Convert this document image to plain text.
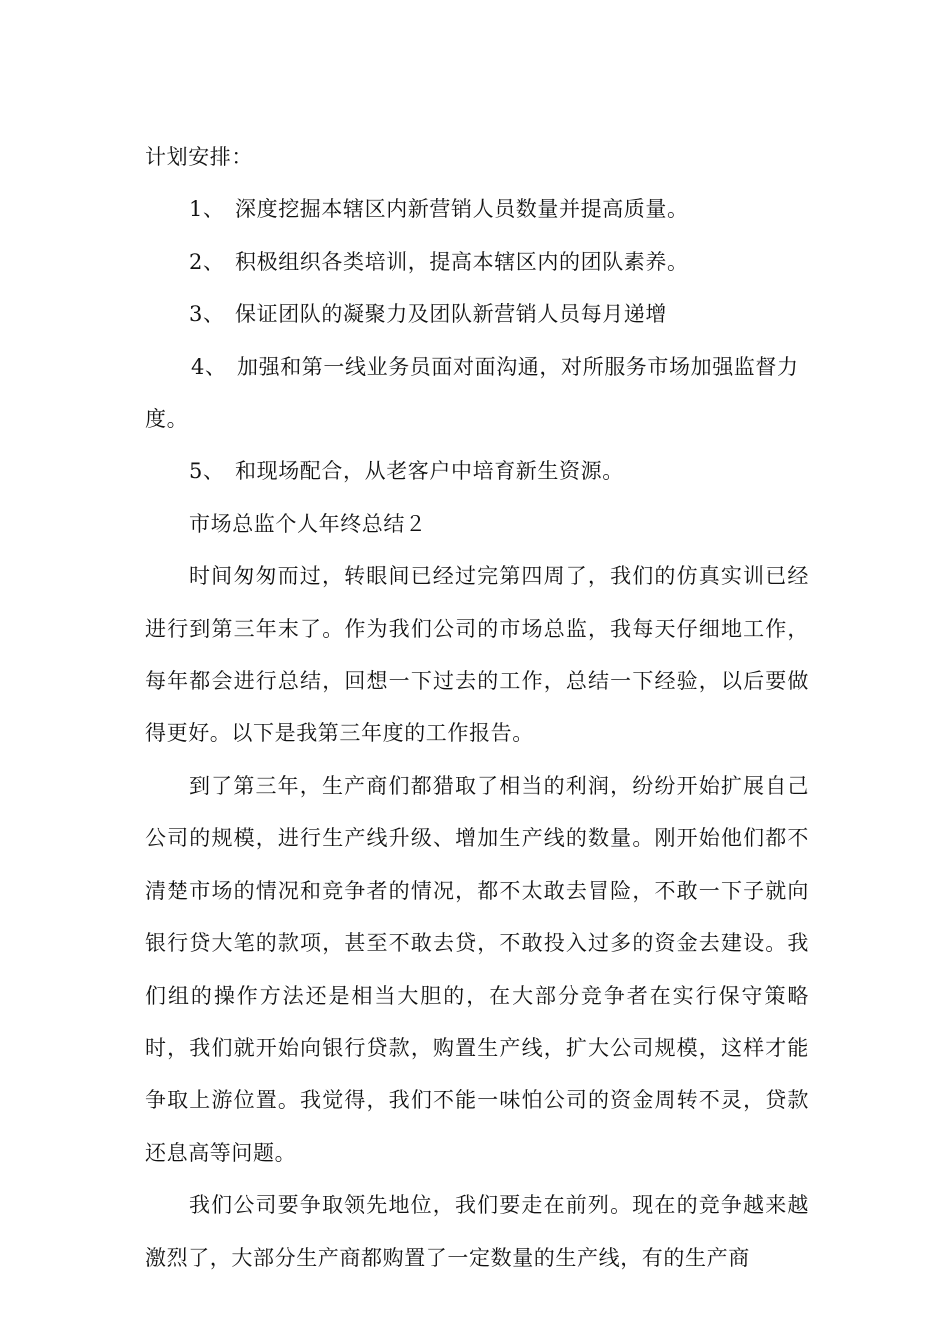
计划安排：

1、 深度挖掘本辖区内新营销人员数量并提高质量。

2、 积极组织各类培训，提高本辖区内的团队素养。

3、 保证团队的凝聚力及团队新营销人员每月递增

4、 加强和第一线业务员面对面沟通，对所服务市场加强监督力度。

5、 和现场配合，从老客户中培育新生资源。

市场总监个人年终总结２

时间匆匆而过，转眼间已经过完第四周了，我们的仿真实训已经进行到第三年末了。作为我们公司的市场总监，我每天仔细地工作，每年都会进行总结，回想一下过去的工作，总结一下经验，以后要做得更好。以下是我第三年度的工作报告。

到了第三年，生产商们都猎取了相当的利润，纷纷开始扩展自己公司的规模，进行生产线升级、增加生产线的数量。刚开始他们都不清楚市场的情况和竞争者的情况，都不太敢去冒险，不敢一下子就向银行贷大笔的款项，甚至不敢去贷，不敢投入过多的资金去建设。我们组的操作方法还是相当大胆的，在大部分竞争者在实行保守策略时，我们就开始向银行贷款，购置生产线，扩大公司规模，这样才能争取上游位置。我觉得，我们不能一味怕公司的资金周转不灵，贷款还息高等问题。

我们公司要争取领先地位，我们要走在前列。现在的竞争越来越激烈了，大部分生产商都购置了一定数量的生产线，有的生产商
